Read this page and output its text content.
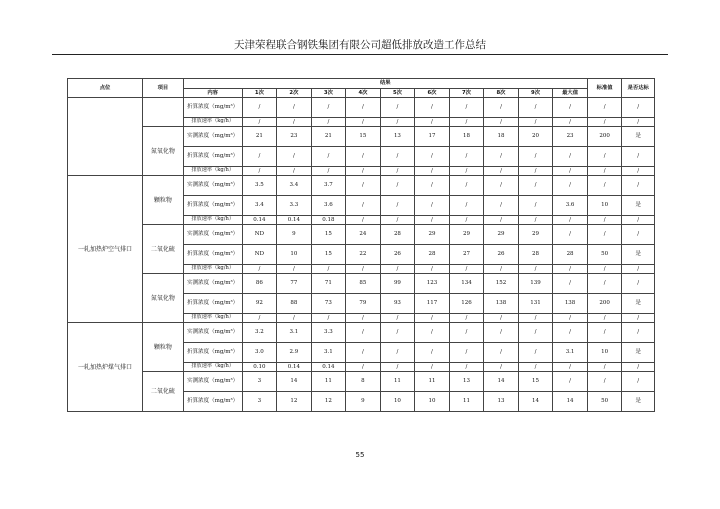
天津荣程联合钢铁集团有限公司超低排放改造工作总结
点位	项目	结果											标准值	是否达标
		内容	1次	2次	3次	4次	5次	6次	7次	8次	9次	最大值		
		折算浓度（mg/m³）	/	/	/	/	/	/	/	/	/	/	/	/
		排放速率（kg/h）	/	/	/	/	/	/	/	/	/	/	/	/
	氮氧化物	实测浓度（mg/m³）	21	23	21	15	13	17	18	18	20	23	200	是
		折算浓度（mg/m³）	/	/	/	/	/	/	/	/	/	/	/	/
		排放速率（kg/h）	/	/	/	/	/	/	/	/	/	/	/	/
一轧加热炉空气排口	颗粒物	实测浓度（mg/m³）	3.5	3.4	3.7	/	/	/	/	/	/	/	/	/
		折算浓度（mg/m³）	3.4	3.3	3.6	/	/	/	/	/	/	3.6	10	是
		排放速率（kg/h）	0.14	0.14	0.18	/	/	/	/	/	/	/	/	/
	二氧化硫	实测浓度（mg/m³）	ND	9	15	24	28	29	29	29	29	/	/	/
		折算浓度（mg/m³）	ND	10	15	22	26	28	27	26	28	28	50	是
		排放速率（kg/h）	/	/	/	/	/	/	/	/	/	/	/	/
	氮氧化物	实测浓度（mg/m³）	86	77	71	85	99	123	134	152	139	/	/	/
		折算浓度（mg/m³）	92	88	73	79	93	117	126	138	131	138	200	是
		排放速率（kg/h）	/	/	/	/	/	/	/	/	/	/	/	/
一轧加热炉煤气排口	颗粒物	实测浓度（mg/m³）	3.2	3.1	3.3	/	/	/	/	/	/	/	/	/
		折算浓度（mg/m³）	3.0	2.9	3.1	/	/	/	/	/	/	3.1	10	是
		排放速率（kg/h）	0.10	0.14	0.14	/	/	/	/	/	/	/	/	/
	二氧化硫	实测浓度（mg/m³）	3	14	11	8	11	11	13	14	15	/	/	/
		折算浓度（mg/m³）	3	12	12	9	10	10	11	13	14	14	50	是
55
